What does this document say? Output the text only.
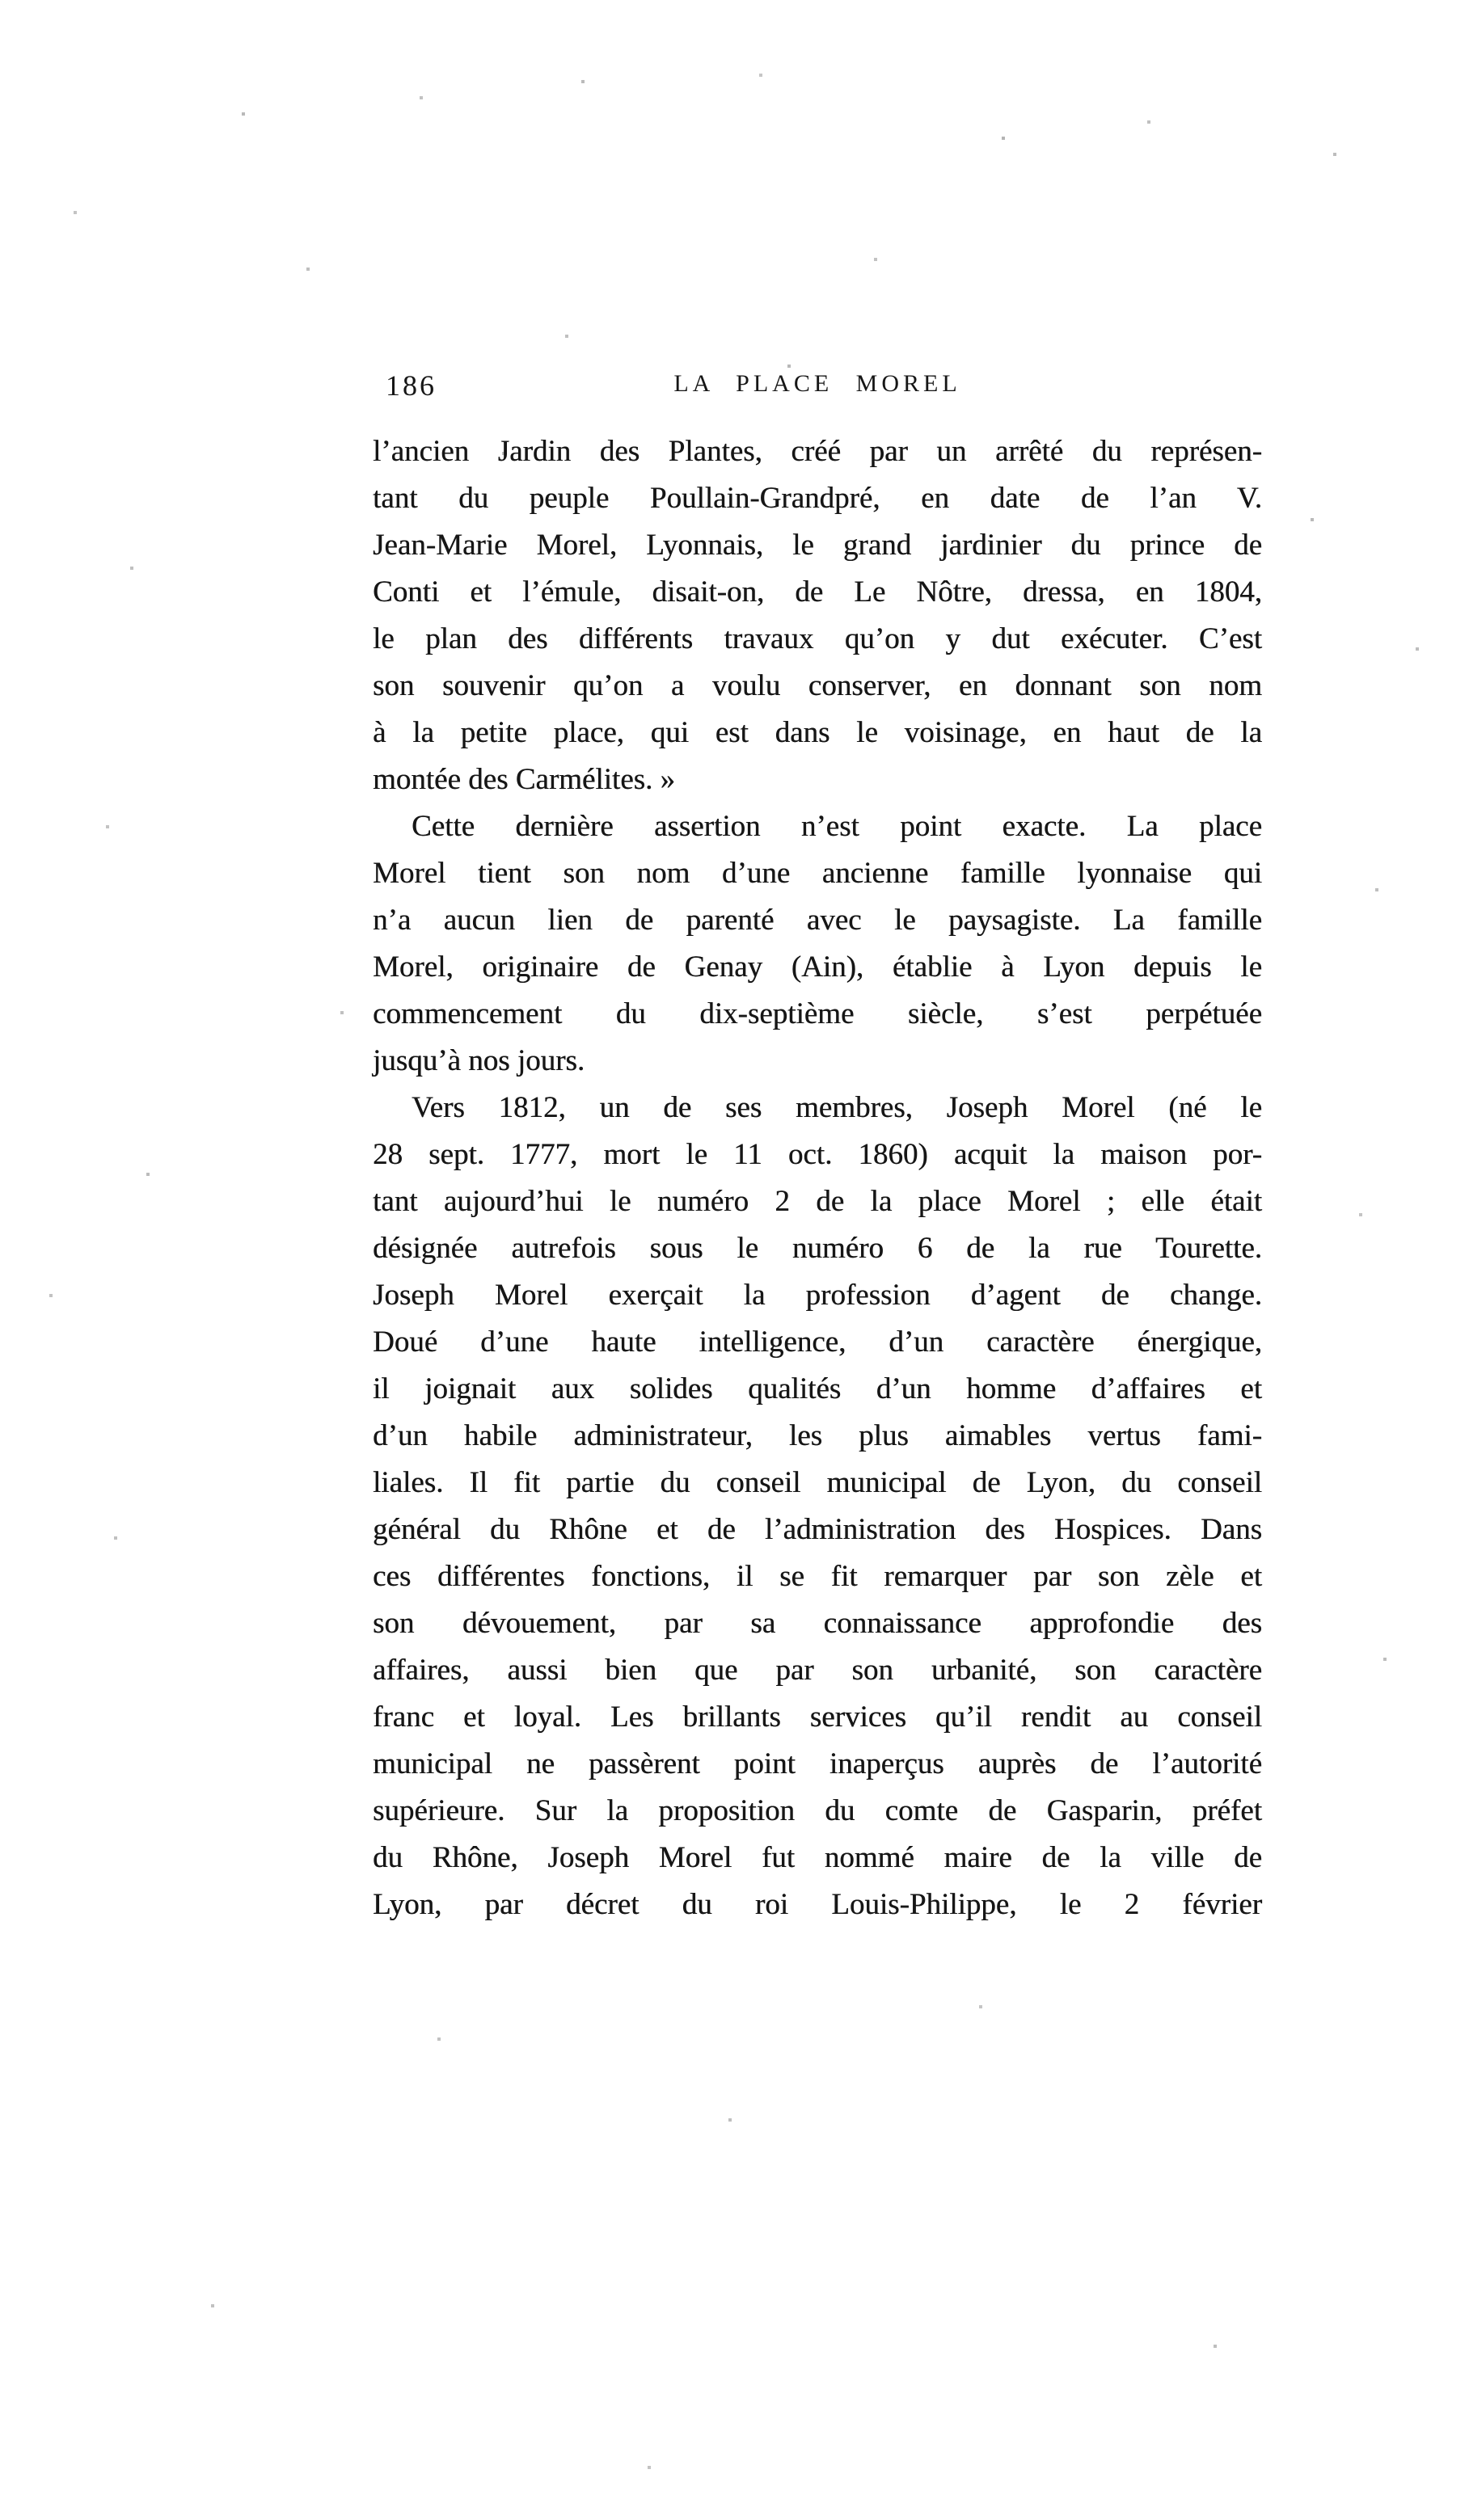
186	LA PLACE MOREL
l’ancien Jardin des Plantes, créé par un arrêté du représen-
tant du peuple Poullain-Grandpré, en date de l’an V.
Jean-Marie Morel, Lyonnais, le grand jardinier du prince de
Conti et l’émule, disait-on, de Le Nôtre, dressa, en 1804,
le plan des différents travaux qu’on y dut exécuter. C’est
son souvenir qu’on a voulu conserver, en donnant son nom
à la petite place, qui est dans le voisinage, en haut de la
montée des Carmélites. »
Cette dernière assertion n’est point exacte. La place
Morel tient son nom d’une ancienne famille lyonnaise qui
n’a aucun lien de parenté avec le paysagiste. La famille
Morel, originaire de Genay (Ain), établie à Lyon depuis le
commencement du dix-septième siècle, s’est perpétuée
jusqu’à nos jours.
Vers 1812, un de ses membres, Joseph Morel (né le
28 sept. 1777, mort le 11 oct. 1860) acquit la maison por-
tant aujourd’hui le numéro 2 de la place Morel ; elle était
désignée autrefois sous le numéro 6 de la rue Tourette.
Joseph Morel exerçait la profession d’agent de change.
Doué d’une haute intelligence, d’un caractère énergique,
il joignait aux solides qualités d’un homme d’affaires et
d’un habile administrateur, les plus aimables vertus fami-
liales. Il fit partie du conseil municipal de Lyon, du conseil
général du Rhône et de l’administration des Hospices. Dans
ces différentes fonctions, il se fit remarquer par son zèle et
son dévouement, par sa connaissance approfondie des
affaires, aussi bien que par son urbanité, son caractère
franc et loyal. Les brillants services qu’il rendit au conseil
municipal ne passèrent point inaperçus auprès de l’autorité
supérieure. Sur la proposition du comte de Gasparin, préfet
du Rhône, Joseph Morel fut nommé maire de la ville de
Lyon, par décret du roi Louis-Philippe, le 2 février
